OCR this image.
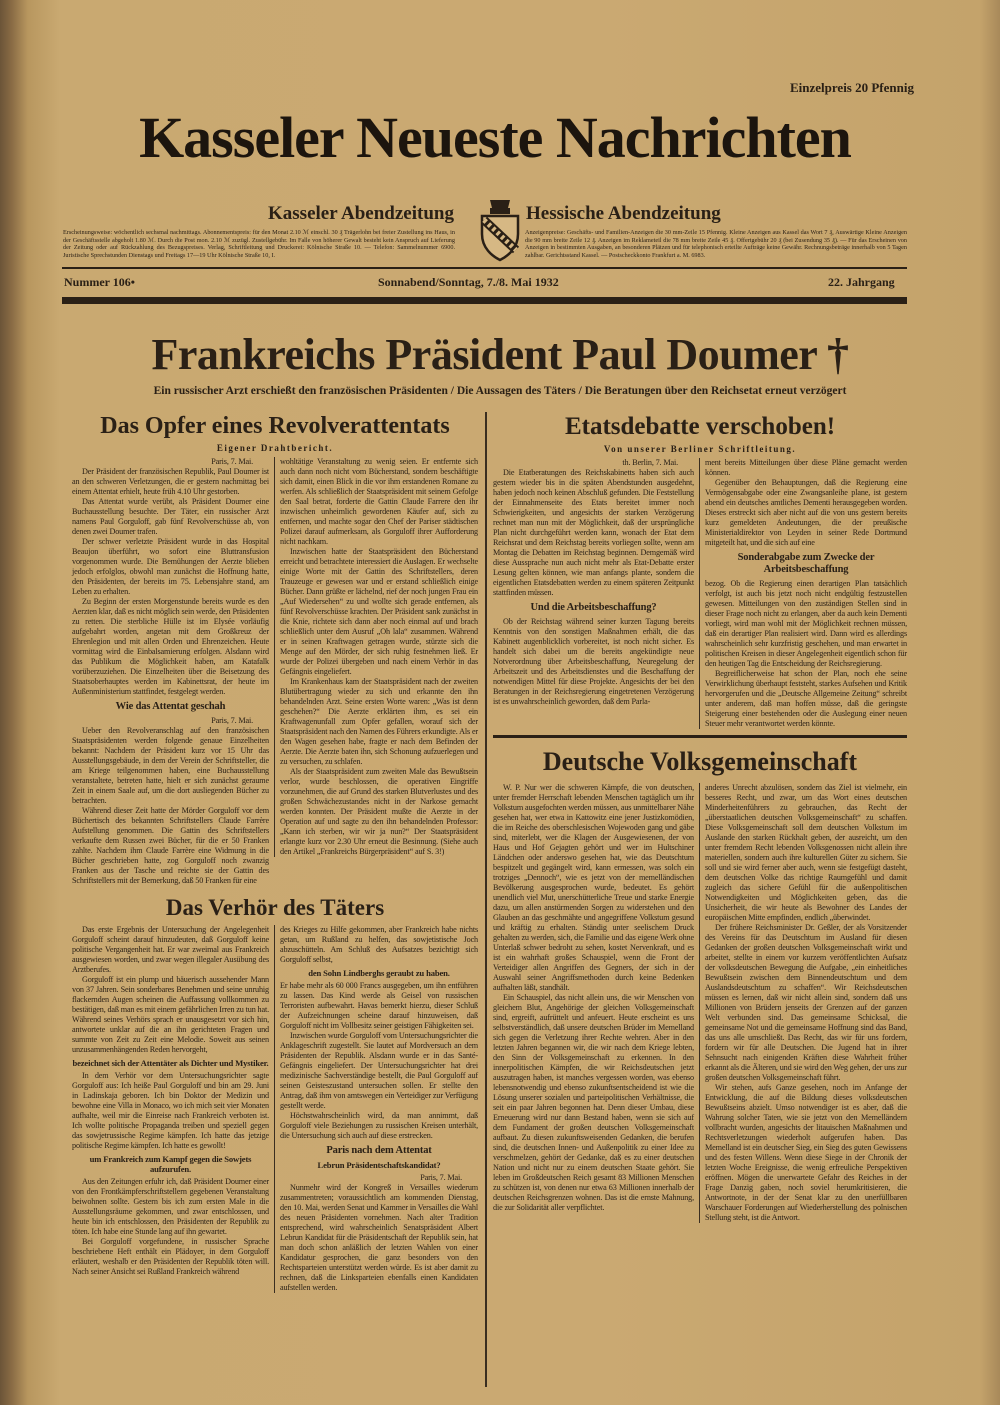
Einzelpreis 20 Pfennig
Kasseler Neueste Nachrichten
Kasseler Abendzeitung	Hessische Abendzeitung
Erscheinungsweise: wöchentlich sechsmal nachmittags. Abonnementspreis: für den Monat 2.10 ℳ einschl. 30 ₰ Trägerlohn bei freier Zustellung ins Haus, in der Geschäftsstelle abgeholt 1.80 ℳ. Durch die Post mon. 2.10 ℳ zuzügl. Zustellgebühr. Im Falle von höherer Gewalt besteht kein Anspruch auf Lieferung der Zeitung oder auf Rückzahlung des Bezugspreises. Verlag, Schriftleitung und Druckerei: Kölnische Straße 10. — Telefon: Sammelnummer 6900. Juristische Sprechstunden Dienstags und Freitags 17—19 Uhr Kölnische Straße 10, I.
Anzeigenpreise: Geschäfts- und Familien-Anzeigen die 30 mm-Zeile 15 Pfennig. Kleine Anzeigen aus Kassel das Wort 7 ₰, Auswärtige Kleine Anzeigen die 90 mm breite Zeile 12 ₰. Anzeigen im Reklameteil die 78 mm breite Zeile 45 ₰. Offertgebühr 20 ₰ (bei Zusendung 35 ₰). — Für das Erscheinen von Anzeigen in bestimmten Ausgaben, an besonderen Plätzen und für telephonisch erteilte Aufträge keine Gewähr. Rechnungsbeträge innerhalb von 5 Tagen zahlbar. Gerichtsstand Kassel. — Postscheckkonto Frankfurt a. M. 6983.
Nummer 106•	Sonnabend/Sonntag, 7./8. Mai 1932	22. Jahrgang
Frankreichs Präsident Paul Doumer †
Ein russischer Arzt erschießt den französischen Präsidenten / Die Aussagen des Täters / Die Beratungen über den Reichsetat erneut verzögert
Das Opfer eines Revolverattentats
Eigener Drahtbericht.

Paris, 7. Mai.

Der Präsident der französischen Republik, Paul Doumer ist an den schweren Verletzungen, die er gestern nachmittag bei einem Attentat erhielt, heute früh 4.10 Uhr gestorben.

Das Attentat wurde verübt, als Präsident Doumer eine Buchausstellung besuchte. Der Täter, ein russischer Arzt namens Paul Gorguloff, gab fünf Revolverschüsse ab, von denen zwei Doumer trafen.

Der schwer verletzte Präsident wurde in das Hospital Beaujon überführt, wo sofort eine Bluttransfusion vorgenommen wurde. Die Bemühungen der Aerzte blieben jedoch erfolglos, obwohl man zunächst die Hoffnung hatte, den Präsidenten, der bereits im 75. Lebensjahre stand, am Leben zu erhalten.

Zu Beginn der ersten Morgenstunde bereits wurde es den Aerzten klar, daß es nicht möglich sein werde, den Präsidenten zu retten. Die sterbliche Hülle ist im Elysée vorläufig aufgebahrt worden, angetan mit dem Großkreuz der Ehrenlegion und mit allen Orden und Ehrenzeichen. Heute vormittag wird die Einbalsamierung erfolgen. Alsdann wird das Publikum die Möglichkeit haben, am Katafalk vorüberzuziehen. Die Einzelheiten über die Beisetzung des Staatsoberhauptes werden im Kabinettsrat, der heute im Außenministerium stattfindet, festgelegt werden.

Wie das Attentat geschah

Paris, 7. Mai.

Ueber den Revolveranschlag auf den französischen Staatspräsidenten werden folgende genaue Einzelheiten bekannt: Nachdem der Präsident kurz vor 15 Uhr das Ausstellungsgebäude, in dem der Verein der Schriftsteller, die am Kriege teilgenommen haben, eine Buchausstellung veranstaltete, betreten hatte, hielt er sich zunächst geraume Zeit in einem Saale auf, um die dort ausliegenden Bücher zu betrachten.

Während dieser Zeit hatte der Mörder Gorguloff vor dem Büchertisch des bekannten Schriftstellers Claude Farrère Aufstellung genommen. Die Gattin des Schriftstellers verkaufte dem Russen zwei Bücher, für die er 50 Franken zahlte. Nachdem ihm Claude Farrère eine Widmung in die Bücher geschrieben hatte, zog Gorguloff noch zwanzig Franken aus der Tasche und reichte sie der Gattin des Schriftstellers mit der Bemerkung, daß 50 Franken für eine

wohltätige Veranstaltung zu wenig seien. Er entfernte sich auch dann noch nicht vom Bücherstand, sondern beschäftigte sich damit, einen Blick in die vor ihm erstandenen Romane zu werfen. Als schließlich der Staatspräsident mit seinem Gefolge den Saal betrat, forderte die Gattin Claude Farrere den ihr inzwischen unheimlich gewordenen Käufer auf, sich zu entfernen, und machte sogar den Chef der Pariser städtischen Polizei darauf aufmerksam, als Gorguloff ihrer Aufforderung nicht nachkam.

Inzwischen hatte der Staatspräsident den Bücherstand erreicht und betrachtete interessiert die Auslagen. Er wechselte einige Worte mit der Gattin des Schriftstellers, deren Trauzeuge er gewesen war und er erstand schließlich einige Bücher. Dann grüßte er lächelnd, rief der noch jungen Frau ein „Auf Wiedersehen“ zu und wollte sich gerade entfernen, als fünf Revolverschüsse krachten. Der Präsident sank zunächst in die Knie, richtete sich dann aber noch einmal auf und brach schließlich unter dem Ausruf „Oh lala“ zusammen. Während er in seinen Kraftwagen getragen wurde, stürzte sich die Menge auf den Mörder, der sich ruhig festnehmen ließ. Er wurde der Polizei übergeben und nach einem Verhör in das Gefängnis eingeliefert.

Im Krankenhaus kam der Staatspräsident nach der zweiten Blutübertragung wieder zu sich und erkannte den ihn behandelnden Arzt. Seine ersten Worte waren: „Was ist denn geschehen?“ Die Aerzte erklärten ihm, es sei ein Kraftwagenunfall zum Opfer gefallen, worauf sich der Staatspräsident nach den Namen des Führers erkundigte. Als er den Wagen gesehen habe, fragte er nach dem Befinden der Aerzte. Die Aerzte baten ihn, sich Schonung aufzuerlegen und zu versuchen, zu schlafen.

Als der Staatspräsident zum zweiten Male das Bewußtsein verlor, wurde beschlossen, die operativen Eingriffe vorzunehmen, die auf Grund des starken Blutverlustes und des großen Schwächezustandes nicht in der Narkose gemacht werden konnten. Der Präsident mußte die Aerzte in der Operation auf und sagte zu den ihn behandelnden Professor: „Kann ich sterben, wir wir ja nun?“ Der Staatspräsident erlangte kurz vor 2.30 Uhr erneut die Besinnung. (Siehe auch den Artikel „Frankreichs Bürgerpräsident“ auf S. 3!)

Das Verhör des Täters

Das erste Ergebnis der Untersuchung der Angelegenheit Gorguloff scheint darauf hinzudeuten, daß Gorguloff keine politische Vergangenheit hat. Er war zweimal aus Frankreich ausgewiesen worden, und zwar wegen illegaler Ausübung des Arztberufes.

Gorguloff ist ein plump und bäuerisch aussehender Mann von 37 Jahren. Sein sonderbares Benehmen und seine unruhig flackernden Augen scheinen die Auffassung vollkommen zu bestätigen, daß man es mit einem gefährlichen Irren zu tun hat. Während seines Verhörs sprach er unausgesetzt vor sich hin, antwortete unklar auf die an ihn gerichteten Fragen und summte von Zeit zu Zeit eine Melodie. Soweit aus seinen unzusammenhängenden Reden hervorgeht,

bezeichnet sich der Attentäter als Dichter und Mystiker.

In dem Verhör vor dem Untersuchungsrichter sagte Gorguloff aus: Ich heiße Paul Gorguloff und bin am 29. Juni in Ladinskaja geboren. Ich bin Doktor der Medizin und bewohne eine Villa in Monaco, wo ich mich seit vier Monaten aufhalte, weil mir die Einreise nach Frankreich verboten ist. Ich wollte politische Propaganda treiben und speziell gegen das sowjetrussische Regime kämpfen. Ich hatte das jetzige politische Regime kämpfen. Ich hatte es gewollt!

um Frankreich zum Kampf gegen die Sowjets aufzurufen.

Aus den Zeitungen erfuhr ich, daß Präsident Doumer einer von den Frontkämpferschriftstellern gegebenen Veranstaltung beiwohnen sollte. Gestern bis ich zum ersten Male in die Ausstellungsräume gekommen, und zwar entschlossen, und heute bin ich entschlossen, den Präsidenten der Republik zu töten. Ich habe eine Stunde lang auf ihn gewartet.

Bei Gorguloff vorgefundene, in russischer Sprache beschriebene Heft enthält ein Plädoyer, in dem Gorguloff erläutert, weshalb er den Präsidenten der Republik töten will. Nach seiner Ansicht sei Rußland Frankreich während

des Krieges zu Hilfe gekommen, aber Frankreich habe nichts getan, um Rußland zu helfen, das sowjetistische Joch abzuschütteln. Am Schluß des Aufsatzes bezichtigt sich Gorguloff selbst,

den Sohn Lindberghs geraubt zu haben.

Er habe mehr als 60 000 Francs ausgegeben, um ihn entführen zu lassen. Das Kind werde als Geisel von russischen Terroristen aufbewahrt. Havas bemerkt hierzu, dieser Schluß der Aufzeichnungen scheine darauf hinzuweisen, daß Gorguloff nicht im Vollbesitz seiner geistigen Fähigkeiten sei.

Inzwischen wurde Gorguloff vom Untersuchungsrichter die Anklageschrift zugestellt. Sie lautet auf Mordversuch an dem Präsidenten der Republik. Alsdann wurde er in das Santé-Gefängnis eingeliefert. Der Untersuchungsrichter hat drei medizinische Sachverständige bestellt, die Paul Gorguloff auf seinen Geisteszustand untersuchen sollen. Er stellte den Antrag, daß ihm von amtswegen ein Verteidiger zur Verfügung gestellt werde.

Höchstwahrscheinlich wird, da man annimmt, daß Gorguloff viele Beziehungen zu russischen Kreisen unterhält, die Untersuchung sich auch auf diese erstrecken.

Paris nach dem Attentat

Lebrun Präsidentschaftskandidat?

Paris, 7. Mai.

Nunmehr wird der Kongreß in Versailles wiederum zusammentreten; voraussichtlich am kommenden Dienstag, den 10. Mai, werden Senat und Kammer in Versailles die Wahl des neuen Präsidenten vornehmen. Nach alter Tradition entsprechend, wird wahrscheinlich Senatspräsident Albert Lebrun Kandidat für die Präsidentschaft der Republik sein, hat man doch schon anläßlich der letzten Wahlen von einer Kandidatur gesprochen, die ganz besonders von den Rechtsparteien unterstützt werden würde. Es ist aber damit zu rechnen, daß die Linksparteien ebenfalls einen Kandidaten aufstellen werden.

Etatsdebatte verschoben!
Von unserer Berliner Schriftleitung.

th. Berlin, 7. Mai.

Die Etatberatungen des Reichskabinetts haben sich auch gestern wieder bis in die späten Abendstunden ausgedehnt, haben jedoch noch keinen Abschluß gefunden. Die Feststellung der Einnahmenseite des Etats bereitet immer noch Schwierigkeiten, und angesichts der starken Verzögerung rechnet man nun mit der Möglichkeit, daß der ursprüngliche Plan nicht durchgeführt werden kann, wonach der Etat dem Reichsrat und dem Reichstag bereits vorliegen sollte, wenn am Montag die Debatten im Reichstag beginnen. Demgemäß wird diese Aussprache nun auch nicht mehr als Etat-Debatte erster Lesung gelten können, wie man anfangs plante, sondern die eigentlichen Etatsdebatten werden zu einem späteren Zeitpunkt stattfinden müssen.

Und die Arbeitsbeschaffung?

Ob der Reichstag während seiner kurzen Tagung bereits Kenntnis von den sonstigen Maßnahmen erhält, die das Kabinett augenblicklich vorbereitet, ist noch nicht sicher. Es handelt sich dabei um die bereits angekündigte neue Notverordnung über Arbeitsbeschaffung, Neuregelung der Arbeitszeit und des Arbeitsdienstes und die Beschaffung der notwendigen Mittel für diese Projekte. Angesichts der bei den Beratungen in der Reichsregierung eingetretenen Verzögerung ist es unwahrscheinlich geworden, daß dem Parla-

ment bereits Mitteilungen über diese Pläne gemacht werden können.

Gegenüber den Behauptungen, daß die Regierung eine Vermögensabgabe oder eine Zwangsanleihe plane, ist gestern abend ein deutsches amtliches Dementi herausgegeben worden. Dieses erstreckt sich aber nicht auf die von uns gestern bereits kurz gemeldeten Andeutungen, die der preußische Ministerialdirektor von Leyden in seiner Rede Dortmund mitgeteilt hat, und die sich auf eine

Sonderabgabe zum Zwecke der Arbeitsbeschaffung

bezog. Ob die Regierung einen derartigen Plan tatsächlich verfolgt, ist auch bis jetzt noch nicht endgültig festzustellen gewesen. Mitteilungen von den zuständigen Stellen sind in dieser Frage noch nicht zu erlangen, aber da auch kein Dementi vorliegt, wird man wohl mit der Möglichkeit rechnen müssen, daß ein derartiger Plan realisiert wird. Dann wird es allerdings wahrscheinlich sehr kurzfristig geschehen, und man erwartet in politischen Kreisen in dieser Angelegenheit eigentlich schon für den heutigen Tag die Entscheidung der Reichsregierung.

Begreiflicherweise hat schon der Plan, noch ehe seine Verwirklichung überhaupt feststeht, starkes Aufsehen und Kritik hervorgerufen und die „Deutsche Allgemeine Zeitung“ schreibt unter anderem, daß man hoffen müsse, daß die geringste Steigerung einer bestehenden oder die Auslegung einer neuen Steuer mehr verantwortet werden könnte.

Deutsche Volksgemeinschaft

W. P. Nur wer die schweren Kämpfe, die von deutschen, unter fremder Herrschaft lebenden Menschen tagtäglich um ihr Volkstum ausgefochten werden müssen, aus unmittelbarer Nähe gesehen hat, wer etwa in Kattowitz eine jener Justizkomödien, die im Reiche des oberschlesischen Wojewoden gang und gäbe sind, miterlebt, wer die Klagen der Ausgewiesenen, der von Haus und Hof Gejagten gehört und wer im Hultschiner Ländchen oder anderswo gesehen hat, wie das Deutschtum bespitzelt und gegängelt wird, kann ermessen, was solch ein trotziges „Dennoch“, wie es jetzt von der memelländischen Bevölkerung ausgesprochen wurde, bedeutet. Es gehört unendlich viel Mut, unerschütterliche Treue und starke Energie dazu, um allen anstürmenden Sorgen zu widerstehen und den Glauben an das geschmähte und angegriffene Volkstum gesund und kräftig zu erhalten. Ständig unter seelischem Druck gehalten zu werden, sich, die Familie und das eigene Werk ohne Unterlaß schwer bedroht zu sehen, kostet Nervenkraft, und es ist ein wahrhaft großes Schauspiel, wenn die Front der Verteidiger allen Angriffen des Gegners, der sich in der Auswahl seiner Angriffsmethoden durch keine Bedenken aufhalten läßt, standhält.

Ein Schauspiel, das nicht allein uns, die wir Menschen von gleichem Blut, Angehörige der gleichen Volksgemeinschaft sind, ergreift, aufrüttelt und anfeuert. Heute erscheint es uns selbstverständlich, daß unsere deutschen Brüder im Memelland sich gegen die Verletzung ihrer Rechte wehren. Aber in den letzten Jahren begannen wir, die wir nach dem Kriege lebten, den Sinn der Volksgemeinschaft zu erkennen. In den innerpolitischen Kämpfen, die wir Reichsdeutschen jetzt auszutragen haben, ist manches vergessen worden, was ebenso lebensnotwendig und ebenso zukunftsentscheidend ist wie die Lösung unserer sozialen und parteipolitischen Verhältnisse, die seit ein paar Jahren begonnen hat. Denn dieser Umbau, diese Erneuerung wird nur dann Bestand haben, wenn sie sich auf dem Fundament der großen deutschen Volksgemeinschaft aufbaut. Zu diesen zukunftsweisenden Gedanken, die berufen sind, die deutschen Innen- und Außenpolitik zu einer Idee zu verschmelzen, gehört der Gedanke, daß es zu einer deutschen Nation und nicht nur zu einem deutschen Staate gehört. Sie leben im Großdeutschen Reich gesamt 83 Millionen Menschen zu schützen ist, von denen nur etwa 63 Millionen innerhalb der deutschen Reichsgrenzen wohnen. Das ist die ernste Mahnung, die zur Solidarität aller verpflichtet.

anderes Unrecht abzulösen, sondern das Ziel ist vielmehr, ein besseres Recht, und zwar, um das Wort eines deutschen Minderheitenführers zu gebrauchen, das Recht der „überstaatlichen deutschen Volksgemeinschaft“ zu schaffen. Diese Volksgemeinschaft soll dem deutschen Volkstum im Auslande den starken Rückhalt geben, der ausreicht, um den unter fremdem Recht lebenden Volksgenossen nicht allein ihre materiellen, sondern auch ihre kulturellen Güter zu sichern. Sie soll und sie wird ferner aber auch, wenn sie festgefügt dasteht, dem deutschen Volke das richtige Raumgefühl und damit zugleich das sichere Gefühl für die außenpolitischen Notwendigkeiten und Möglichkeiten geben, das die Unsicherheit, die wir heute als Bewohner des Landes der europäischen Mitte empfinden, endlich „überwindet.

Der frühere Reichsminister Dr. Geßler, der als Vorsitzender des Vereins für das Deutschtum im Ausland für diesen Gedanken der großen deutschen Volksgemeinschaft wirkt und arbeitet, stellte in einem vor kurzem veröffentlichten Aufsatz der volksdeutschen Bewegung die Aufgabe, „ein einheitliches Bewußtsein zwischen dem Binnendeutschtum und dem Auslandsdeutschtum zu schaffen“. Wir Reichsdeutschen müssen es lernen, daß wir nicht allein sind, sondern daß uns Millionen von Brüdern jenseits der Grenzen auf der ganzen Welt verbunden sind. Das gemeinsame Schicksal, die gemeinsame Not und die gemeinsame Hoffnung sind das Band, das uns alle umschließt. Das Recht, das wir für uns fordern, fordern wir für alle Deutschen. Die Jugend hat in ihrer Sehnsucht nach einigenden Kräften diese Wahrheit früher erkannt als die Älteren, und sie wird den Weg gehen, der uns zur großen deutschen Volksgemeinschaft führt.

Wir stehen, aufs Ganze gesehen, noch im Anfange der Entwicklung, die auf die Bildung dieses volksdeutschen Bewußtseins abzielt. Umso notwendiger ist es aber, daß die Wahrung solcher Taten, wie sie jetzt von den Memelländern vollbracht wurden, angesichts der litauischen Maßnahmen und Rechtsverletzungen wiederholt aufgerufen haben. Das Memelland ist ein deutscher Sieg, ein Sieg des guten Gewissens und des festen Willens. Wenn diese Siege in der Chronik der letzten Woche Ereignisse, die wenig erfreuliche Perspektiven eröffnen. Mögen die unerwartete Gefahr des Reiches in der Frage Danzig gaben, noch soviel herumkritisieren, die Antwortnote, in der der Senat klar zu den unerfüllbaren Warschauer Forderungen auf Wiederherstellung des polnischen Stellung steht, ist die Antwort.
